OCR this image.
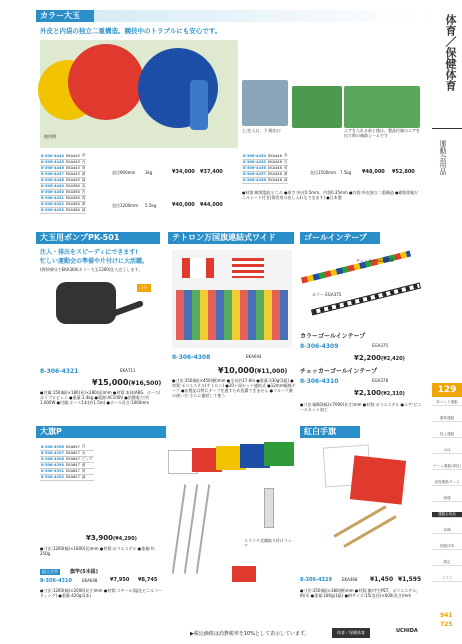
体育／保健体育
運動会用品
129
体つくり運動
器械運動
陸上運動
水泳
ゲーム運動(球技)
表現運動ダンス
保健
運動会用品
体操
保健体育
測定
ソフト
941
725
カラー大玉
外皮と内袋の独立二重構造。競技中のトラブルにも安心です。
使用例
上:注入口、下:排出口	エアを入れる前と後は、製品付属のエアを出す時の補助シールです
8-306-4444	EKA445	赤
8-306-4445	EKA445	白
8-306-4446	EKA445	青
8-306-4447	EKA445	黄
8-306-4448	EKA445	緑
8-306-4449	EKA360	赤
8-306-4450	EKA360	白
8-306-4451	EKA360	青
8-306-4452	EKA360	黄
8-306-4453	EKA360	緑
直径900mm 3kg	¥34,000 ¥37,400
直径1200mm 5.5kg	¥40,000 ¥44,000
8-306-4454	EKA446	赤
8-306-4455	EKA446	白
8-306-4456	EKA446	青
8-306-4457	EKA446	黄
8-306-4458	EKA446	緑
直径1500mm 7.5kg ¥48,000 ¥52,800
●材質:軟質塩化ビニル ●厚さ:外皮0.5mm、内袋0.35mm ●内袋:外皮独立二重構造 ●網袋用総ビニルシート付き(保管用の出し入れもできます) ●日本製
大玉用ポンプPK-501
注入・排出をスピーディにできます!
忙しい運動会の準備や片付けに大活躍。
(例)約8分でEKA360(カラー大玉1200)注入完了します。
1分
8-306-4321	EKA711
¥15,000(¥16,500)
●付属:150(幅)×180(長)×280(高)mm ●材質:本体/ABS、ホース/ポリプロピレン ●重量:1.4kg ●電源:AC100V ●消費電力:約1,000W ●付属:ホース1本(約1.5m) ●ホース長さ:1060mm
テトロン万国旗連結式ワイド
8-306-4308	EKA644
¥10,000(¥11,000)
●寸法:350(幅)×450(横)mm ●全長約17.6m ●重量:330g(1組) ●材質:ポリエステル(テトロン) ●20ヶ国セット連結式 ●12mm幅綿テープ ●布製品は特にテープを通すため洗濯できません ●フルーツ旗の使い方:さらに連結して使う
ゴールインテープ
チェッカー EGA378
カラー EGA375
カラーゴールインテープ
8-306-4309	EGA375
¥2,200(¥2,420)
チェッカーゴールインテープ
8-306-4310	EGA378
¥2,100(¥2,310)
●寸法:幅60(幅)×7000(長さ)mm ●材質:ポリエステル ●エア:ビニールカット加工
大旗P
8-306-4396	EKA647	白
8-306-4397	EKA647	赤
8-306-4398	EKA647	ピンク
8-306-4390	EKA647	黄
8-306-4391	EKA647	青
8-306-4392	EKA647	緑
¥3,900(¥4,290)
●寸法:1200(幅)×1800(長)mm ●材質:ポリエステル ●重量:約250g
組立式竿	旗竿(5本組)
8-306-4310	EKA648	¥7,950 ¥8,745
●寸法:1200(幅)×2000(長さ)mm ●材質:スチール(塩化ビニルコーティング) ●重量:420g(1本)
スライド式旗取り付けフック
紅白手旗
8-306-4329	EKA468 ¥1,450 ¥1,595
●寸法:350(幅)×380(横)mm ●材質:旗/芹生PET、ポリエステル、柄/木 ●重量:180g(1組) ●柄サイズ:15(直径)×600(長さ)mm
▶税込価格は消費税率を10%として表示しています。	体育／保健体育	UCHIDA
